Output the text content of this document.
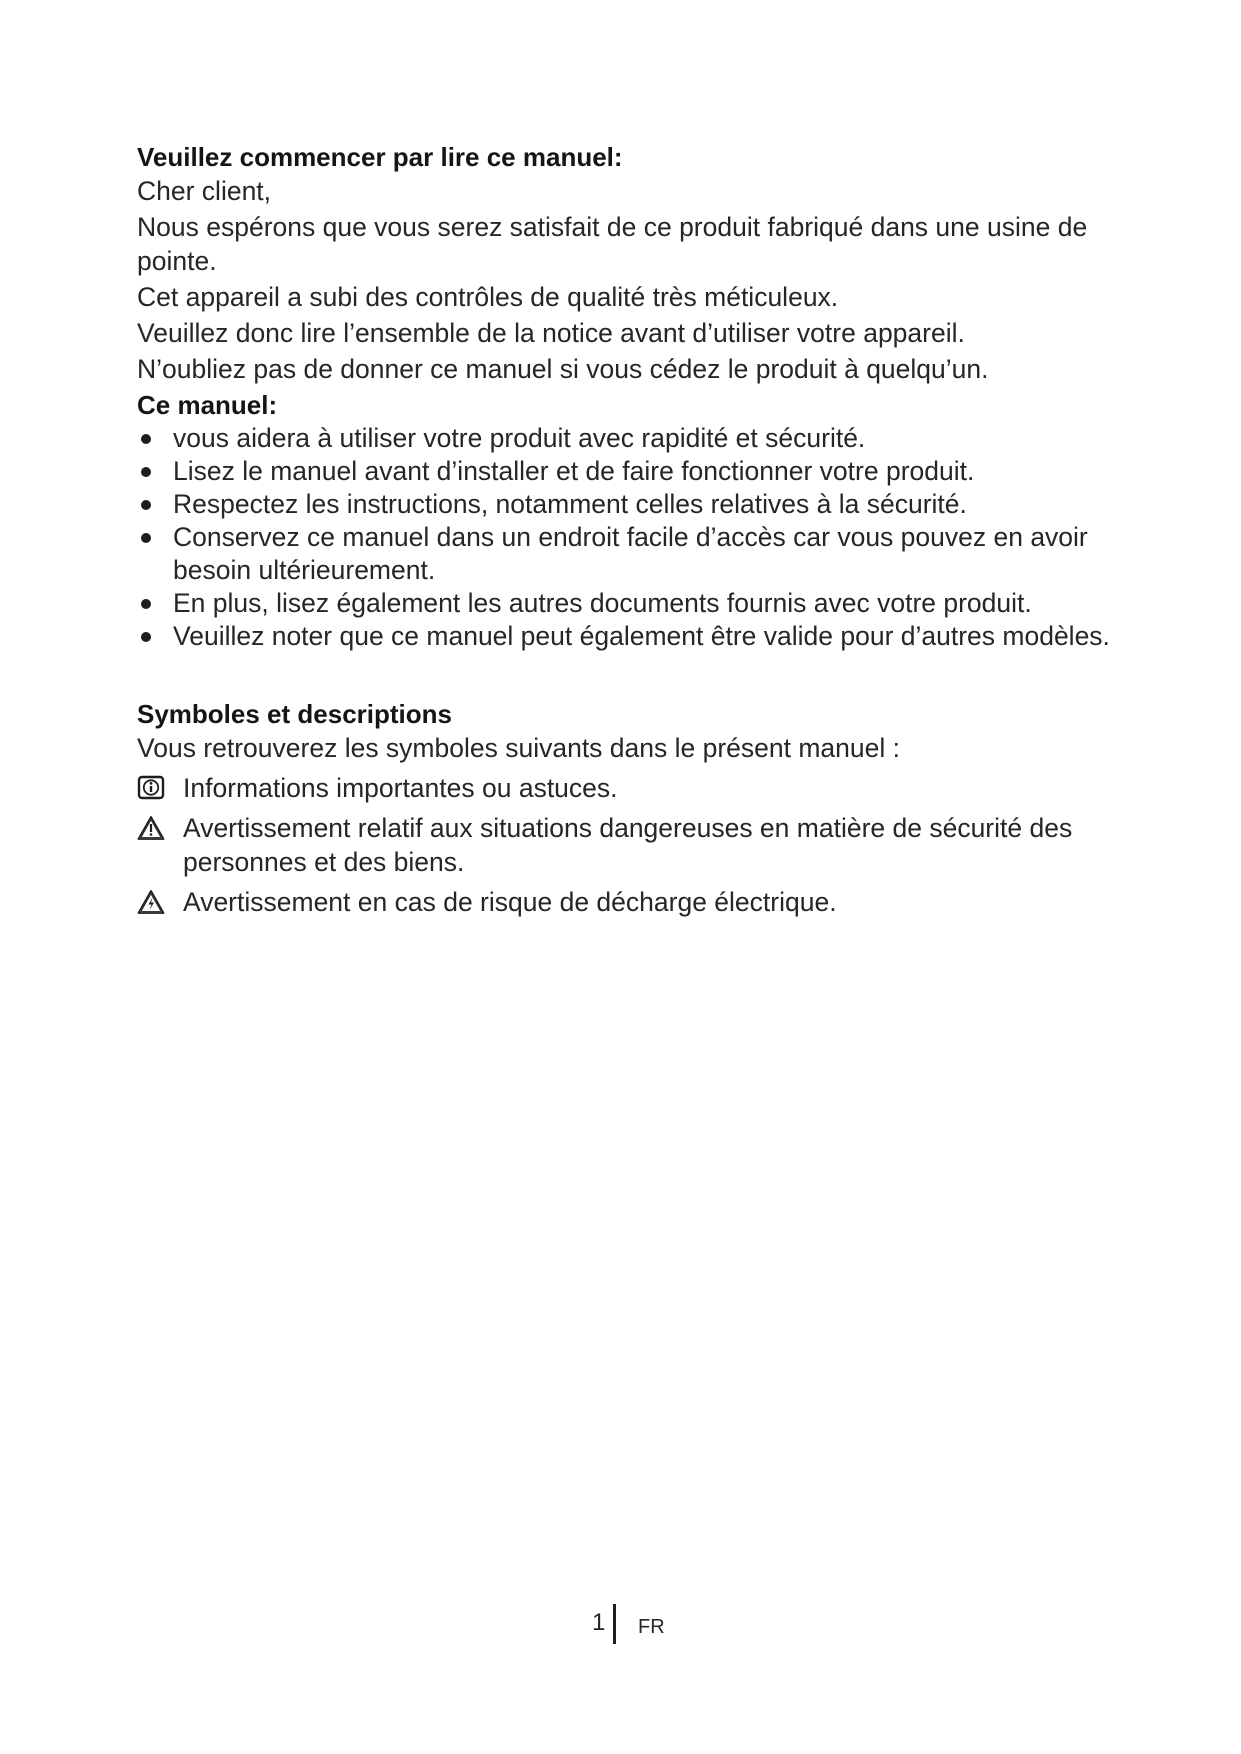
Veuillez commencer par lire ce manuel:

Cher client,

Nous espérons que vous serez satisfait de ce produit fabriqué dans une usine de pointe.

Cet appareil a subi des contrôles de qualité très méticuleux.

Veuillez donc lire l’ensemble de la notice avant d’utiliser votre appareil.

N’oubliez pas de donner ce manuel si vous cédez le produit à quelqu’un.

Ce manuel:

vous aidera à utiliser votre produit avec rapidité et sécurité.
Lisez le manuel avant d’installer et de faire fonctionner votre produit.
Respectez les instructions, notamment celles relatives à la sécurité.
Conservez ce manuel dans un endroit facile d’accès car vous pouvez en avoir besoin ultérieurement.
En plus, lisez également les autres documents fournis avec votre produit.
Veuillez noter que ce manuel peut également être valide pour d’autres modèles.

Symboles et descriptions

Vous retrouverez les symboles suivants dans le présent manuel :

Informations importantes ou astuces.
Avertissement relatif aux situations dangereuses en matière de sécurité des personnes et des biens.
Avertissement en cas de risque de décharge électrique.
1 FR
